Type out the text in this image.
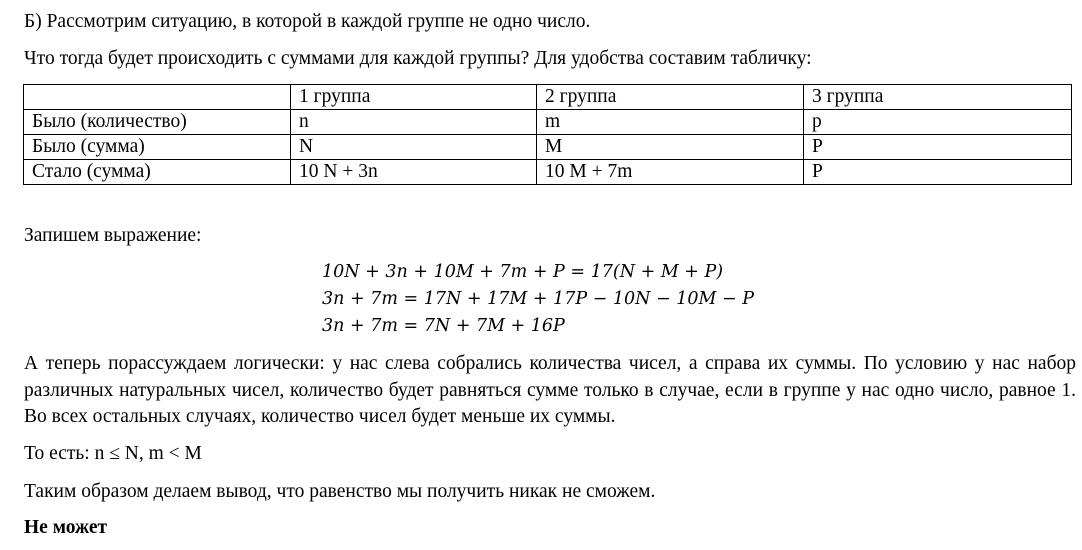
Б) Рассмотрим ситуацию, в которой в каждой группе не одно число.
Что тогда будет происходить с суммами для каждой группы? Для удобства составим табличку:
	1 группа	2 группа	3 группа
Было (количество)	n	m	p
Было (сумма)	N	M	P
Стало (сумма)	10 N + 3n	10 M + 7m	P
Запишем выражение:
10𝑁 + 3𝑛 + 10𝑀 + 7𝑚 + 𝑃 = 17(𝑁 + 𝑀 + 𝑃)
3𝑛 + 7𝑚 = 17𝑁 + 17𝑀 + 17𝑃 − 10𝑁 − 10𝑀 − 𝑃
3𝑛 + 7𝑚 = 7𝑁 + 7𝑀 + 16𝑃
А теперь порассуждаем логически: у нас слева собрались количества чисел, а справа их суммы. По условию у нас набор различных натуральных чисел, количество будет равняться сумме только в случае, если в группе у нас одно число, равное 1. Во всех остальных случаях, количество чисел будет меньше их суммы.
То есть: n ≤ N, m < M
Таким образом делаем вывод, что равенство мы получить никак не сможем.
Не может
